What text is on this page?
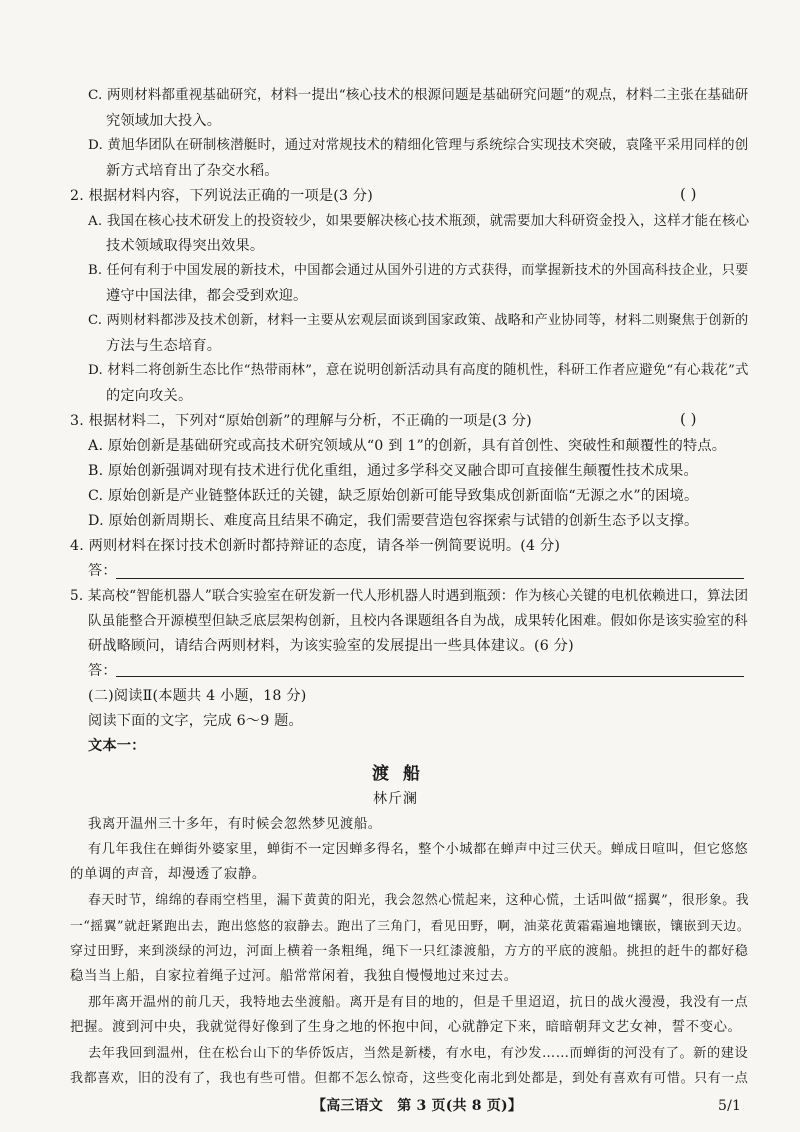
C. 两则材料都重视基础研究，材料一提出“核心技术的根源问题是基础研究问题”的观点，材料二主张在基础研
究领域加大投入。
D. 黄旭华团队在研制核潜艇时，通过对常规技术的精细化管理与系统综合实现技术突破，袁隆平采用同样的创
新方式培育出了杂交水稻。
2. 根据材料内容，下列说法正确的一项是(3 分)	( )
A. 我国在核心技术研发上的投资较少，如果要解决核心技术瓶颈，就需要加大科研资金投入，这样才能在核心
技术领域取得突出效果。
B. 任何有利于中国发展的新技术，中国都会通过从国外引进的方式获得，而掌握新技术的外国高科技企业，只要
遵守中国法律，都会受到欢迎。
C. 两则材料都涉及技术创新，材料一主要从宏观层面谈到国家政策、战略和产业协同等，材料二则聚焦于创新的
方法与生态培育。
D. 材料二将创新生态比作“热带雨林”，意在说明创新活动具有高度的随机性，科研工作者应避免“有心栽花”式
的定向攻关。
3. 根据材料二，下列对“原始创新”的理解与分析，不正确的一项是(3 分)	( )
A. 原始创新是基础研究或高技术研究领域从“0 到 1”的创新，具有首创性、突破性和颠覆性的特点。
B. 原始创新强调对现有技术进行优化重组，通过多学科交叉融合即可直接催生颠覆性技术成果。
C. 原始创新是产业链整体跃迁的关键，缺乏原始创新可能导致集成创新面临“无源之水”的困境。
D. 原始创新周期长、难度高且结果不确定，我们需要营造包容探索与试错的创新生态予以支撑。
4. 两则材料在探讨技术创新时都持辩证的态度，请各举一例简要说明。(4 分)
答：
5. 某高校“智能机器人”联合实验室在研发新一代人形机器人时遇到瓶颈：作为核心关键的电机依赖进口，算法团
队虽能整合开源模型但缺乏底层架构创新，且校内各课题组各自为战，成果转化困难。假如你是该实验室的科
研战略顾问，请结合两则材料，为该实验室的发展提出一些具体建议。(6 分)
答：
(二)阅读Ⅱ(本题共 4 小题，18 分)
阅读下面的文字，完成 6～9 题。
文本一：
渡船
林斤澜
我离开温州三十多年，有时候会忽然梦见渡船。
有几年我住在蝉街外婆家里，蝉街不一定因蝉多得名，整个小城都在蝉声中过三伏天。蝉成日喧叫，但它悠悠
的单调的声音，却漫透了寂静。
春天时节，绵绵的春雨空档里，漏下黄黄的阳光，我会忽然心慌起来，这种心慌，土话叫做“摇翼”，很形象。我
一“摇翼”就赶紧跑出去，跑出悠悠的寂静去。跑出了三角门，看见田野，啊，油菜花黄霜霜遍地镶嵌，镶嵌到天边。
穿过田野，来到淡绿的河边，河面上横着一条粗绳，绳下一只红漆渡船，方方的平底的渡船。挑担的赶牛的都好稳
稳当当上船，自家拉着绳子过河。船常常闲着，我独自慢慢地过来过去。
那年离开温州的前几天，我特地去坐渡船。离开是有目的地的，但是千里迢迢，抗日的战火漫漫，我没有一点
把握。渡到河中央，我就觉得好像到了生身之地的怀抱中间，心就静定下来，暗暗朝拜文艺女神，誓不变心。
去年我回到温州，住在松台山下的华侨饭店，当然是新楼，有水电，有沙发……而蝉街的河没有了。新的建设
我都喜欢，旧的没有了，我也有些可惜。但都不怎么惊奇，这些变化南北到处都是，到处有喜欢有可惜。只有一点
【高三语文　第 3 页(共 8 页)】	5/1
